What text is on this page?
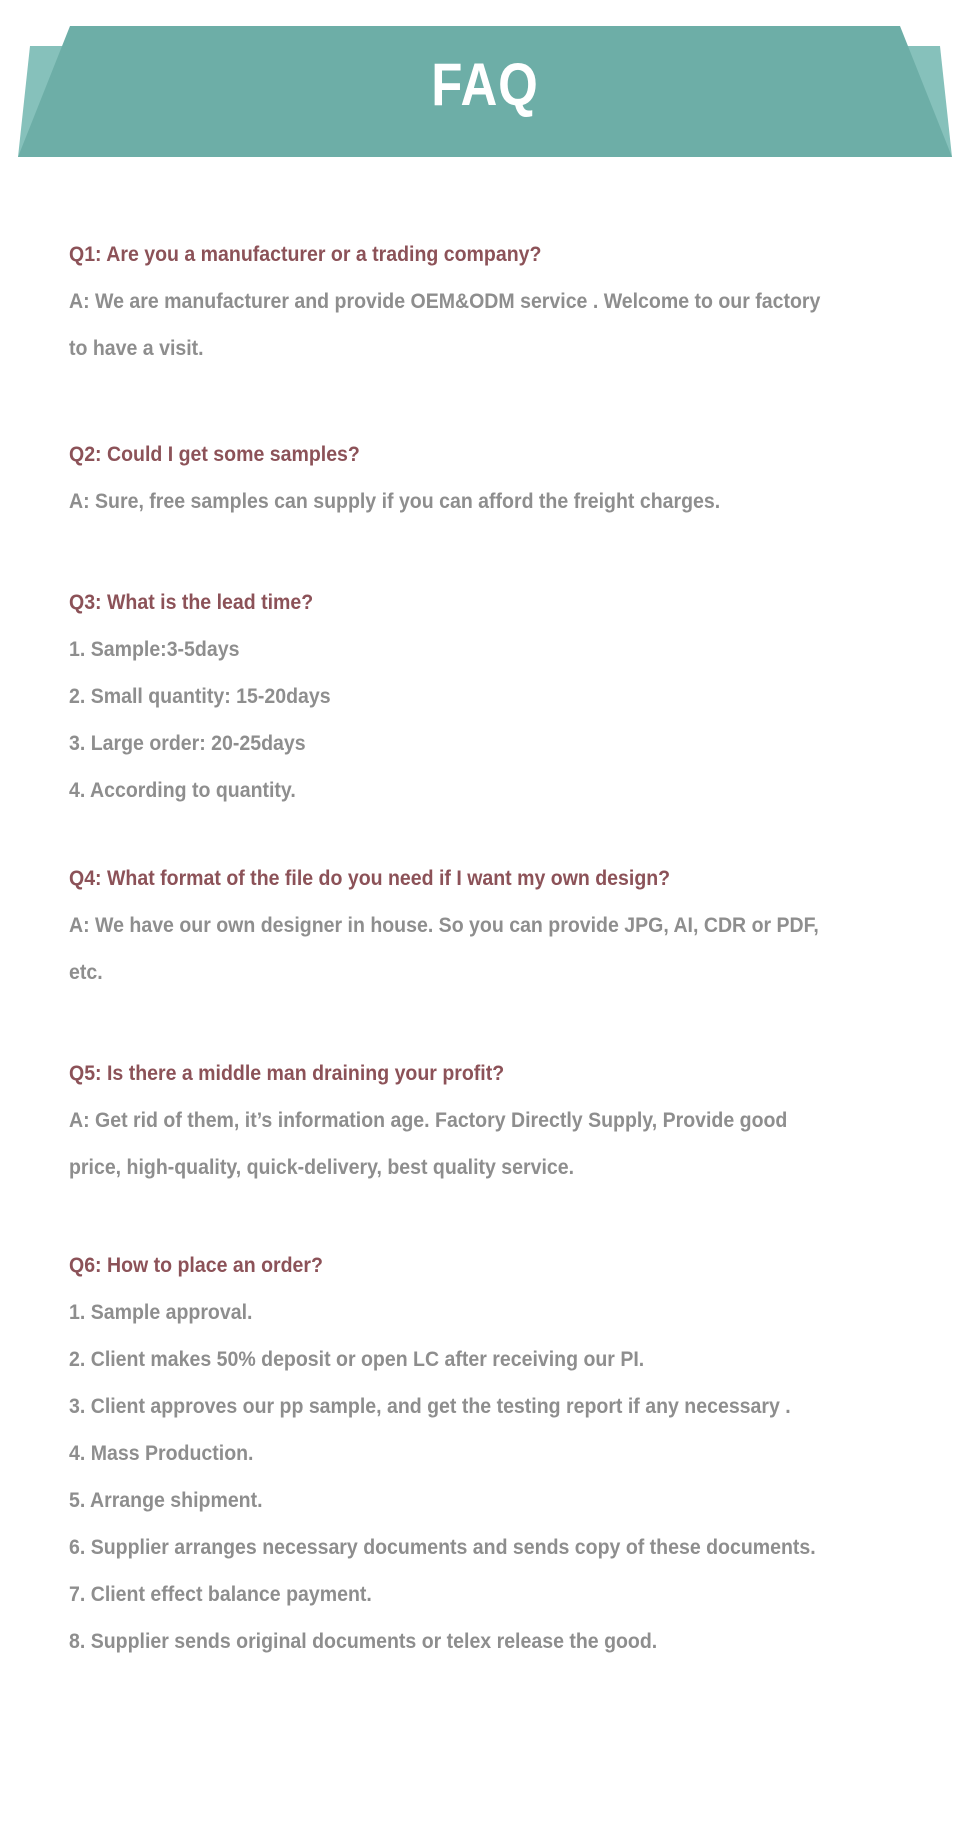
FAQ
Q1: Are you a manufacturer or a trading company?
A: We are manufacturer and provide OEM&ODM service . Welcome to our factory
to have a visit.
Q2: Could I get some samples?
A: Sure, free samples can supply if you can afford the freight charges.
Q3: What is the lead time?
1. Sample:3-5days
2. Small quantity: 15-20days
3. Large order: 20-25days
4. According to quantity.
Q4: What format of the file do you need if I want my own design?
A: We have our own designer in house. So you can provide JPG, AI, CDR or PDF,
etc.
Q5: Is there a middle man draining your profit?
A: Get rid of them, it’s information age. Factory Directly Supply, Provide good
price, high-quality, quick-delivery, best quality service.
Q6: How to place an order?
1. Sample approval.
2. Client makes 50% deposit or open LC after receiving our PI.
3. Client approves our pp sample, and get the testing report if any necessary .
4. Mass Production.
5. Arrange shipment.
6. Supplier arranges necessary documents and sends copy of these documents.
7. Client effect balance payment.
8. Supplier sends original documents or telex release the good.
